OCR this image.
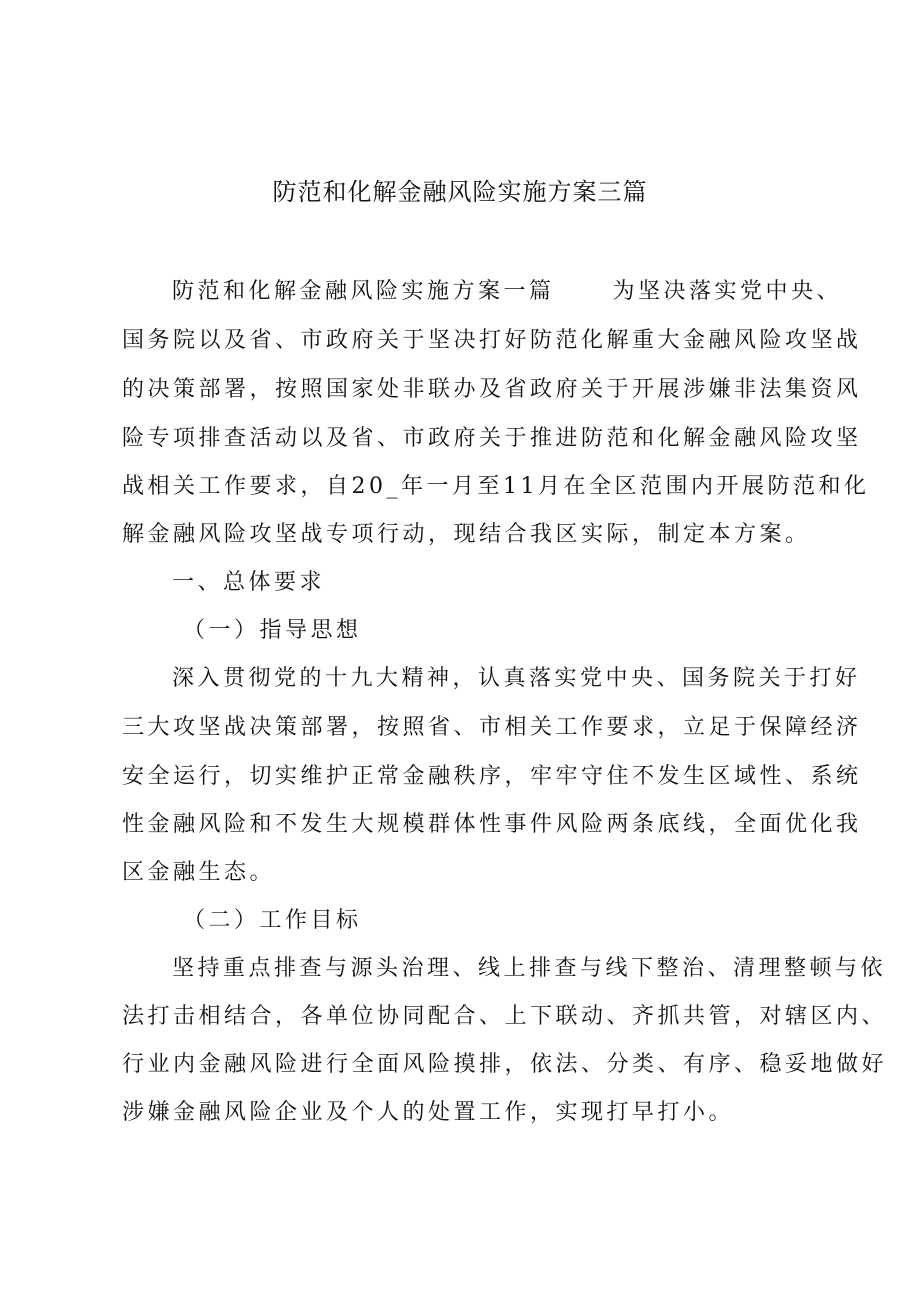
防范和化解金融风险实施方案三篇
防范和化解金融风险实施方案一篇	为坚决落实党中央、
国务院以及省、市政府关于坚决打好防范化解重大金融风险攻坚战
的决策部署，按照国家处非联办及省政府关于开展涉嫌非法集资风
险专项排查活动以及省、市政府关于推进防范和化解金融风险攻坚
战相关工作要求，自20_年一月至11月在全区范围内开展防范和化
解金融风险攻坚战专项行动，现结合我区实际，制定本方案。
一、总体要求
（一）指导思想
深入贯彻党的十九大精神，认真落实党中央、国务院关于打好
三大攻坚战决策部署，按照省、市相关工作要求，立足于保障经济
安全运行，切实维护正常金融秩序，牢牢守住不发生区域性、系统
性金融风险和不发生大规模群体性事件风险两条底线，全面优化我
区金融生态。
（二）工作目标
坚持重点排查与源头治理、线上排查与线下整治、清理整顿与依
法打击相结合，各单位协同配合、上下联动、齐抓共管，对辖区内、
行业内金融风险进行全面风险摸排，依法、分类、有序、稳妥地做好
涉嫌金融风险企业及个人的处置工作，实现打早打小。
